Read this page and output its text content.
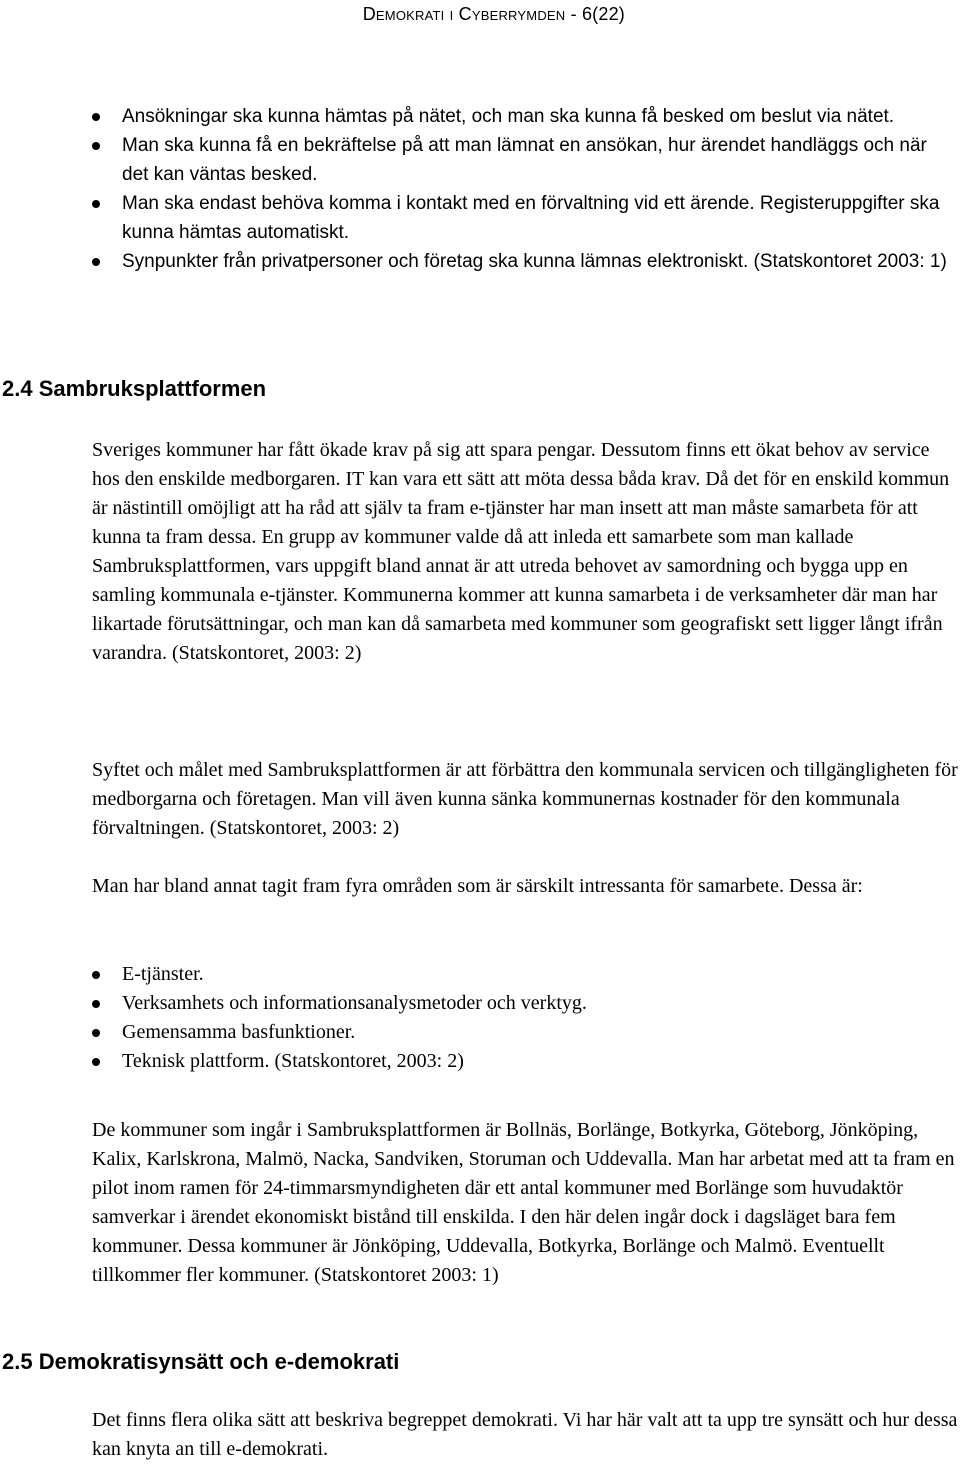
Demokrati i Cyberrymden - 6(22)
Ansökningar ska kunna hämtas på nätet, och man ska kunna få besked om beslut via nätet.
Man ska kunna få en bekräftelse på att man lämnat en ansökan, hur ärendet handläggs och när det kan väntas besked.
Man ska endast behöva komma i kontakt med en förvaltning vid ett ärende. Registeruppgifter ska kunna hämtas automatiskt.
Synpunkter från privatpersoner och företag ska kunna lämnas elektroniskt. (Statskontoret 2003: 1)
2.4 Sambruksplattformen

Sveriges kommuner har fått ökade krav på sig att spara pengar. Dessutom finns ett ökat behov av service hos den enskilde medborgaren. IT kan vara ett sätt att möta dessa båda krav. Då det för en enskild kommun är nästintill omöjligt att ha råd att själv ta fram e-tjänster har man insett att man måste samarbeta för att kunna ta fram dessa. En grupp av kommuner valde då att inleda ett samarbete som man kallade Sambruksplattformen, vars uppgift bland annat är att utreda behovet av samordning och bygga upp en samling kommunala e-tjänster. Kommunerna kommer att kunna samarbeta i de verksamheter där man har likartade förutsättningar, och man kan då samarbeta med kommuner som geografiskt sett ligger långt ifrån varandra. (Statskontoret, 2003: 2)

Syftet och målet med Sambruksplattformen är att förbättra den kommunala servicen och tillgängligheten för medborgarna och företagen. Man vill även kunna sänka kommunernas kostnader för den kommunala förvaltningen. (Statskontoret, 2003: 2)

Man har bland annat tagit fram fyra områden som är särskilt intressanta för samarbete. Dessa är:

E-tjänster.
Verksamhets och informationsanalysmetoder och verktyg.
Gemensamma basfunktioner.
Teknisk plattform. (Statskontoret, 2003: 2)

De kommuner som ingår i Sambruksplattformen är Bollnäs, Borlänge, Botkyrka, Göteborg, Jönköping, Kalix, Karlskrona, Malmö, Nacka, Sandviken, Storuman och Uddevalla. Man har arbetat med att ta fram en pilot inom ramen för 24-timmarsmyndigheten där ett antal kommuner med Borlänge som huvudaktör samverkar i ärendet ekonomiskt bistånd till enskilda. I den här delen ingår dock i dagsläget bara fem kommuner. Dessa kommuner är Jönköping, Uddevalla, Botkyrka, Borlänge och Malmö. Eventuellt tillkommer fler kommuner. (Statskontoret 2003: 1)

2.5 Demokratisynsätt och e-demokrati

Det finns flera olika sätt att beskriva begreppet demokrati. Vi har här valt att ta upp tre synsätt och hur dessa kan knyta an till e-demokrati.
